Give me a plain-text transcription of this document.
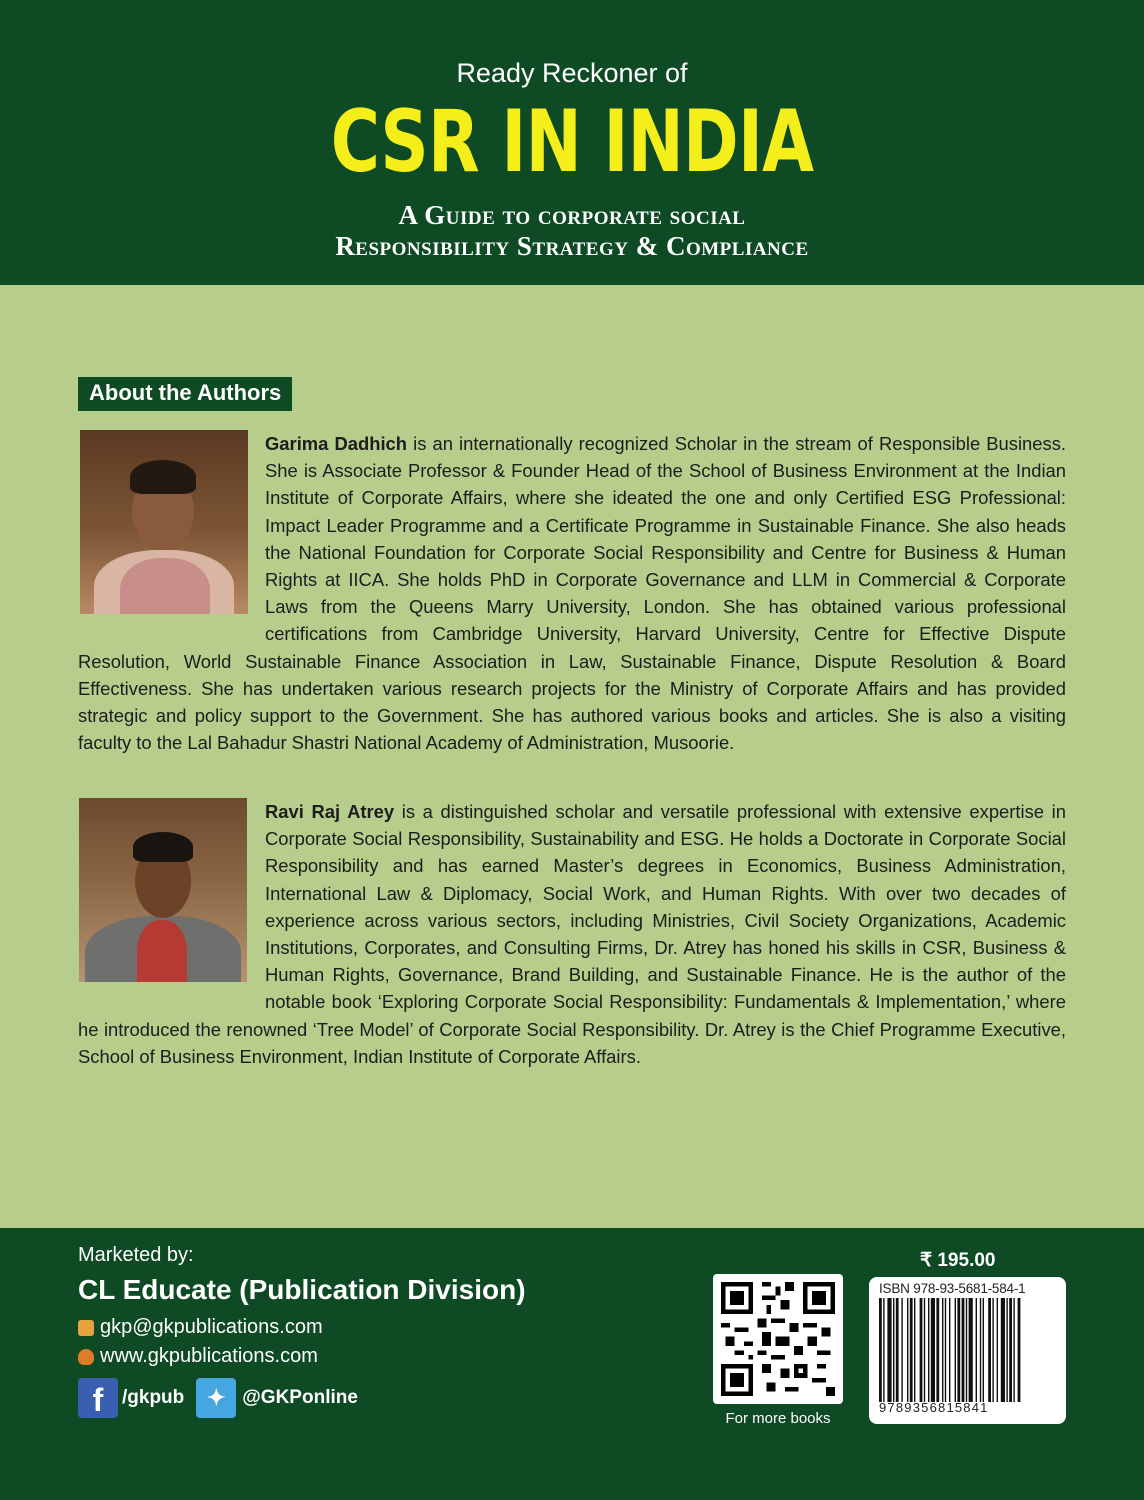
Ready Reckoner of
CSR IN INDIA
A Guide to corporate social
Responsibility Strategy & Compliance
About the Authors
Garima Dadhich is an internationally recognized Scholar in the stream of Responsible Business. She is Associate Professor & Founder Head of the School of Business Environment at the Indian Institute of Corporate Affairs, where she ideated the one and only Certified ESG Professional: Impact Leader Programme and a Certificate Programme in Sustainable Finance. She also heads the National Foundation for Corporate Social Responsibility and Centre for Business & Human Rights at IICA. She holds PhD in Corporate Governance and LLM in Commercial & Corporate Laws from the Queens Marry University, London. She has obtained various professional certifications from Cambridge University, Harvard University, Centre for Effective Dispute Resolution, World Sustainable Finance Association in Law, Sustainable Finance, Dispute Resolution & Board Effectiveness. She has undertaken various research projects for the Ministry of Corporate Affairs and has provided strategic and policy support to the Government. She has authored various books and articles. She is also a visiting faculty to the Lal Bahadur Shastri National Academy of Administration, Musoorie.
Ravi Raj Atrey is a distinguished scholar and versatile professional with extensive expertise in Corporate Social Responsibility, Sustainability and ESG. He holds a Doctorate in Corporate Social Responsibility and has earned Master’s degrees in Economics, Business Administration, International Law & Diplomacy, Social Work, and Human Rights. With over two decades of experience across various sectors, including Ministries, Civil Society Organizations, Academic Institutions, Corporates, and Consulting Firms, Dr. Atrey has honed his skills in CSR, Business & Human Rights, Governance, Brand Building, and Sustainable Finance. He is the author of the notable book ‘Exploring Corporate Social Responsibility: Fundamentals & Implementation,’ where he introduced the renowned ‘Tree Model’ of Corporate Social Responsibility. Dr. Atrey is the Chief Programme Executive, School of Business Environment, Indian Institute of Corporate Affairs.
Marketed by:
CL Educate (Publication Division)
gkp@gkpublications.com
www.gkpublications.com
f /gkpub	✦ @GKPonline
For more books
₹ 195.00
ISBN 978-93-5681-584-1
9789356815841
